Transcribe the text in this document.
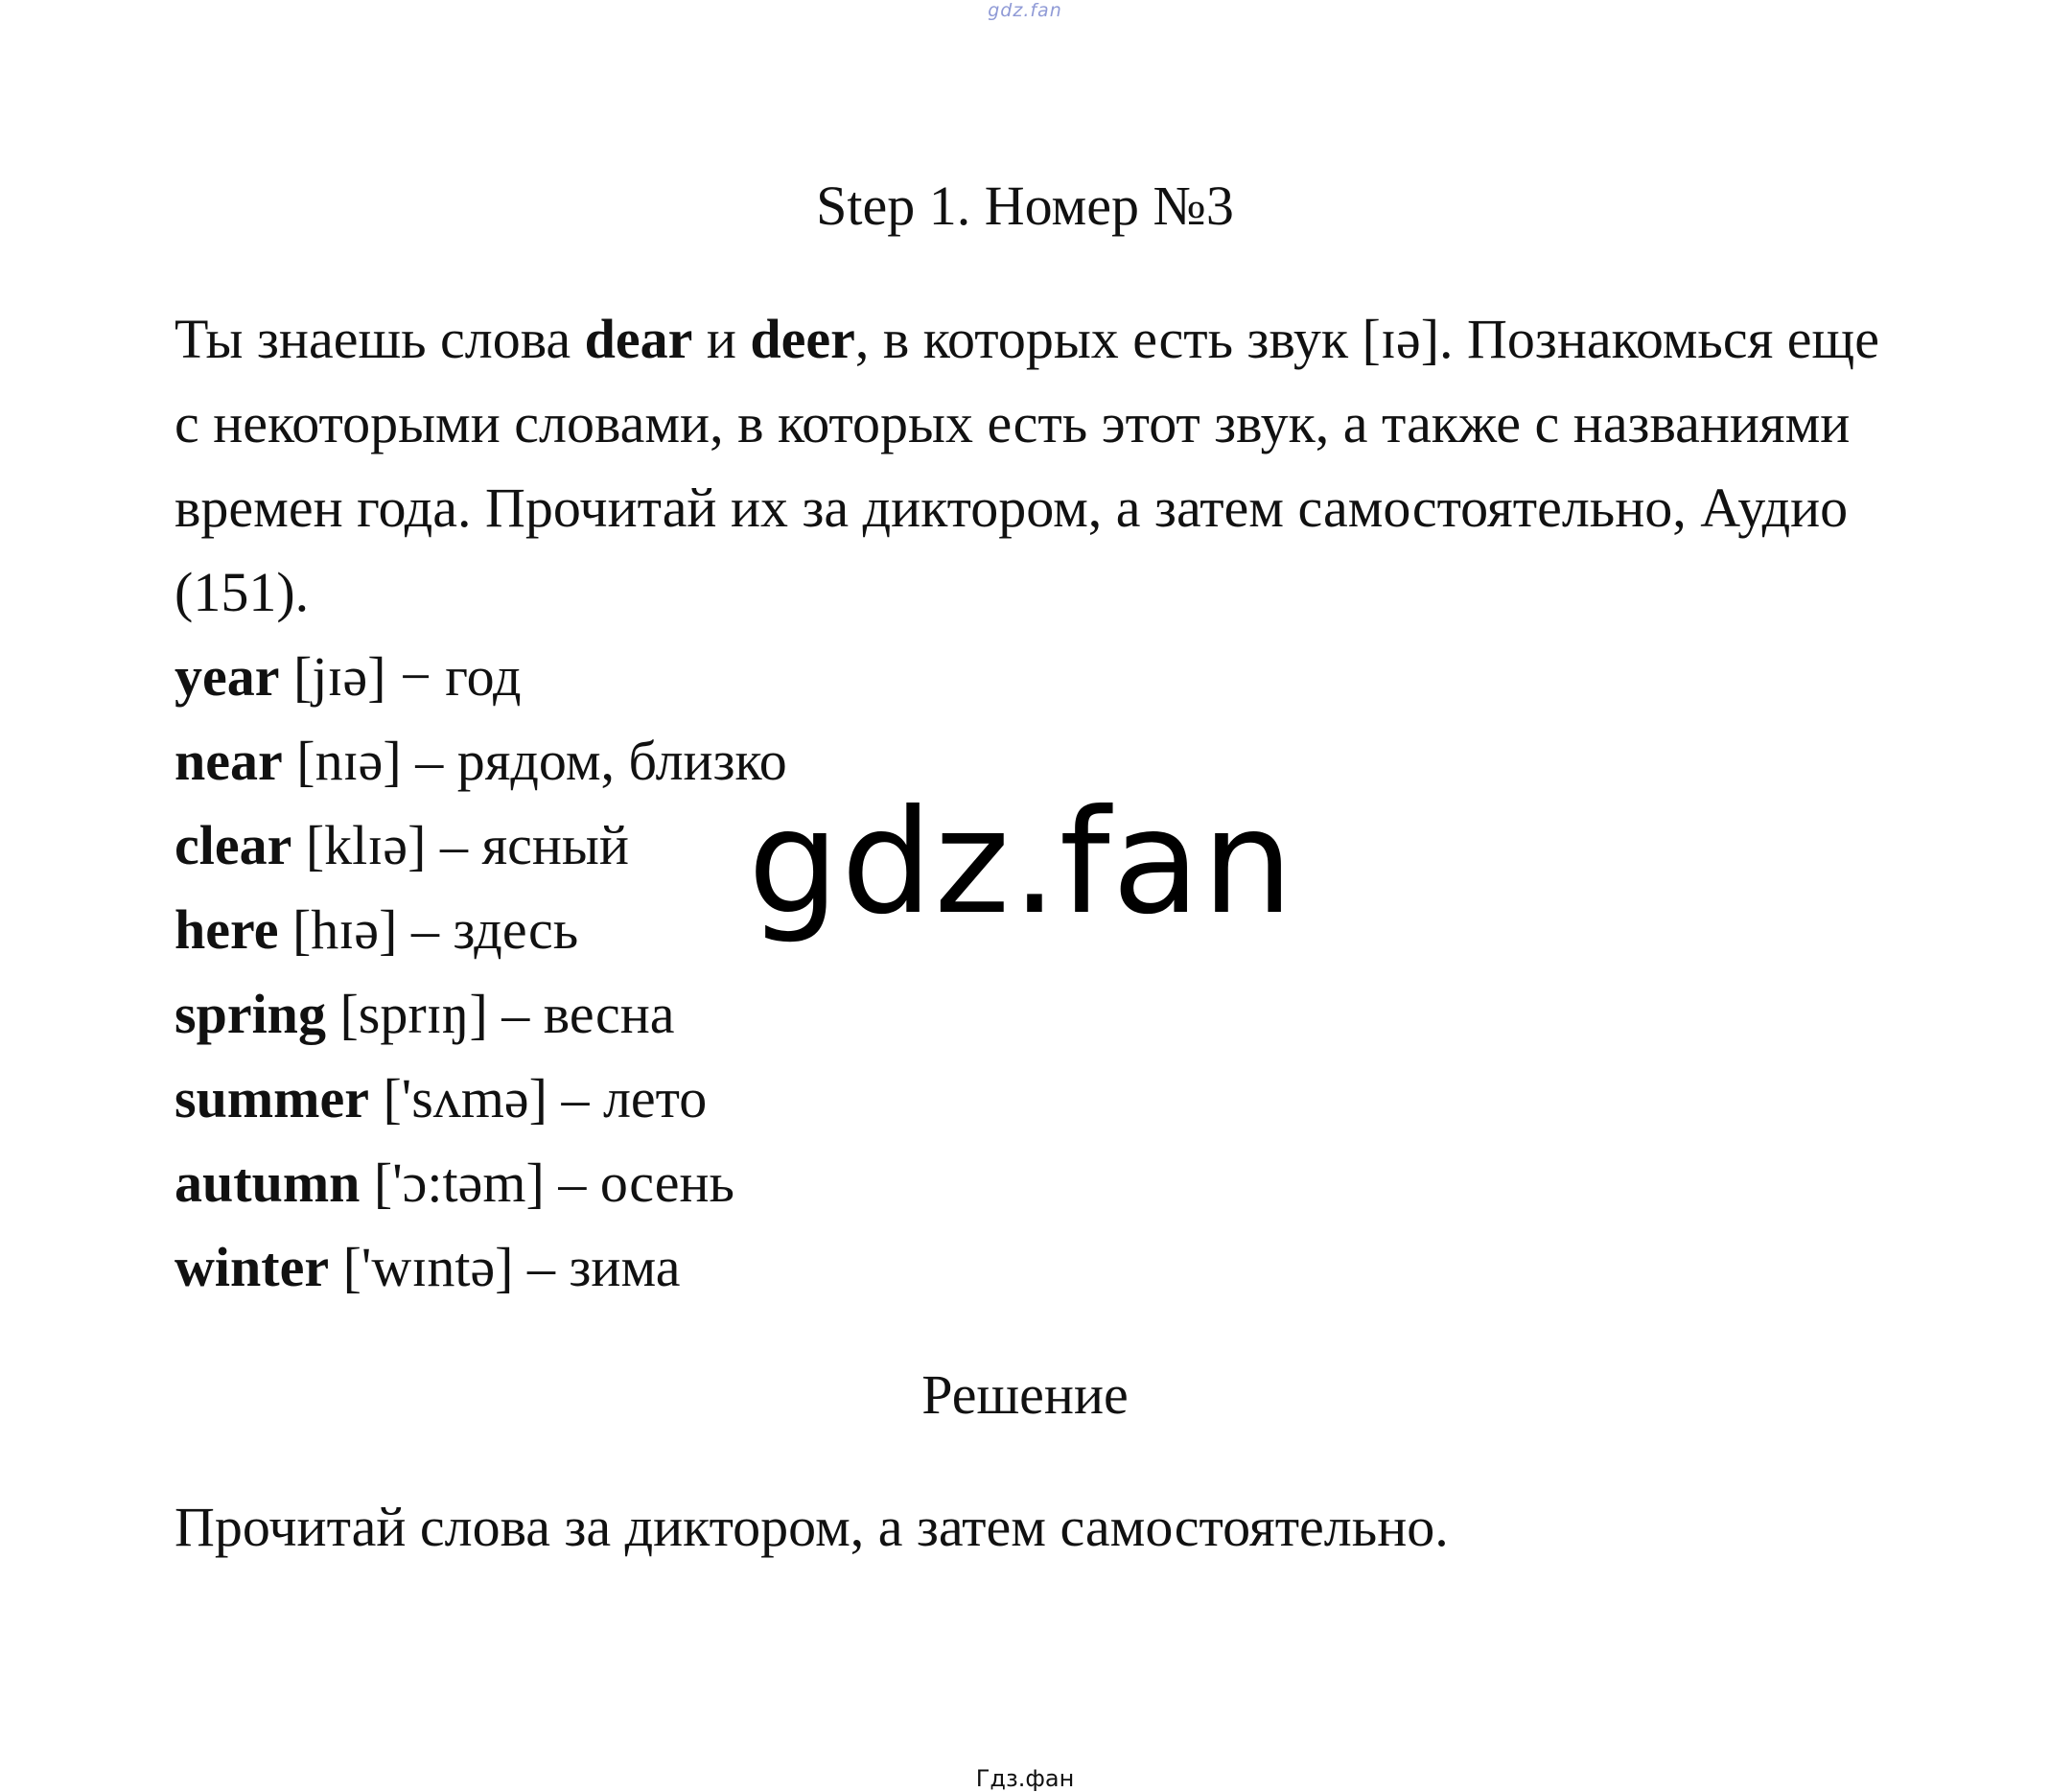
gdz.fan
Step 1. Номер №3

Ты знаешь слова dear и deer, в которых есть звук [ɪə]. Познакомься еще с некоторыми словами, в которых есть этот звук, а также с названиями времен года. Прочитай их за диктором, а затем самостоятельно, Аудио (151).

year [jɪə] − год
near [nɪə] – рядом, близко
clear [klɪə] – ясный
here [hɪə] – здесь
spring [sprɪŋ] – весна
summer ['sʌmə] – лето
autumn ['ɔ:təm] – осень
winter ['wɪntə] – зима
gdz.fan
Решение
Прочитай слова за диктором, а затем самостоятельно.
Гдз.фан
